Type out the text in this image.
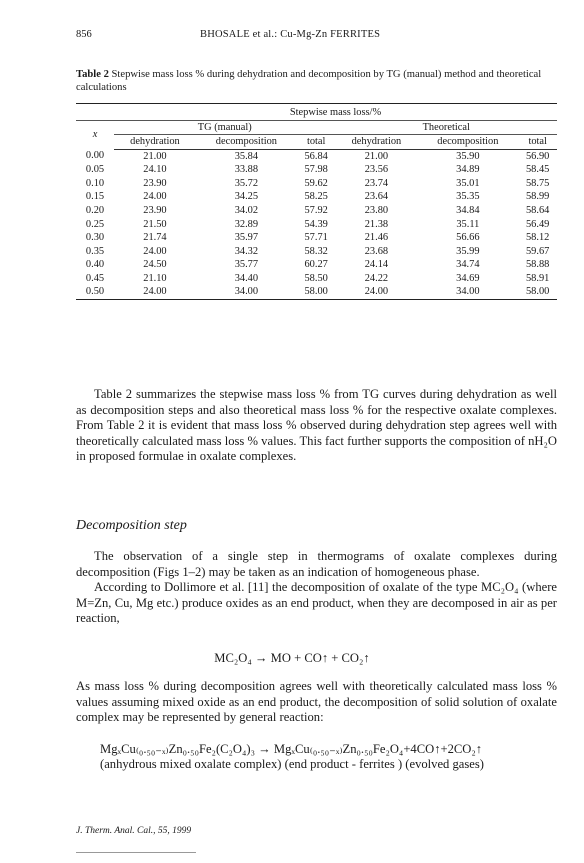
856	BHOSALE et al.: Cu-Mg-Zn FERRITES
Table 2 Stepwise mass loss % during dehydration and decomposition by TG (manual) method and theoretical calculations
	Stepwise mass loss/%					
x	TG (manual)			Theoretical		
	dehydration	decomposition	total	dehydration	decomposition	total
0.00	21.00	35.84	56.84	21.00	35.90	56.90
0.05	24.10	33.88	57.98	23.56	34.89	58.45
0.10	23.90	35.72	59.62	23.74	35.01	58.75
0.15	24.00	34.25	58.25	23.64	35.35	58.99
0.20	23.90	34.02	57.92	23.80	34.84	58.64
0.25	21.50	32.89	54.39	21.38	35.11	56.49
0.30	21.74	35.97	57.71	21.46	56.66	58.12
0.35	24.00	34.32	58.32	23.68	35.99	59.67
0.40	24.50	35.77	60.27	24.14	34.74	58.88
0.45	21.10	34.40	58.50	24.22	34.69	58.91
0.50	24.00	34.00	58.00	24.00	34.00	58.00
Table 2 summarizes the stepwise mass loss % from TG curves during dehydration as well as decomposition steps and also theoretical mass loss % for the respective oxalate complexes. From Table 2 it is evident that mass loss % observed during dehydration step agrees well with theoretically calculated mass loss % values. This fact further supports the composition of nH₂O in proposed formulae in oxalate complexes.
Decomposition step
The observation of a single step in thermograms of oxalate complexes during decomposition (Figs 1–2) may be taken as an indication of homogeneous phase.
According to Dollimore et al. [11] the decomposition of oxalate of the type MC₂O₄ (where M=Zn, Cu, Mg etc.) produce oxides as an end product, when they are decomposed in air as per reaction,
MC₂O₄ → MO + CO↑ + CO₂↑
As mass loss % during decomposition agrees well with theoretically calculated mass loss % values assuming mixed oxide as an end product, the decomposition of solid solution of oxalate complex may be represented by general reaction:
MgₓCu₍₀.₅₀₋ₓ₎Zn₀.₅₀Fe₂(C₂O₄)₃ → MgₓCu₍₀.₅₀₋ₓ₎Zn₀.₅₀Fe₂O₄+4CO↑+2CO₂↑
(anhydrous mixed oxalate complex) (end product - ferrites ) (evolved gases)
J. Therm. Anal. Cal., 55, 1999
